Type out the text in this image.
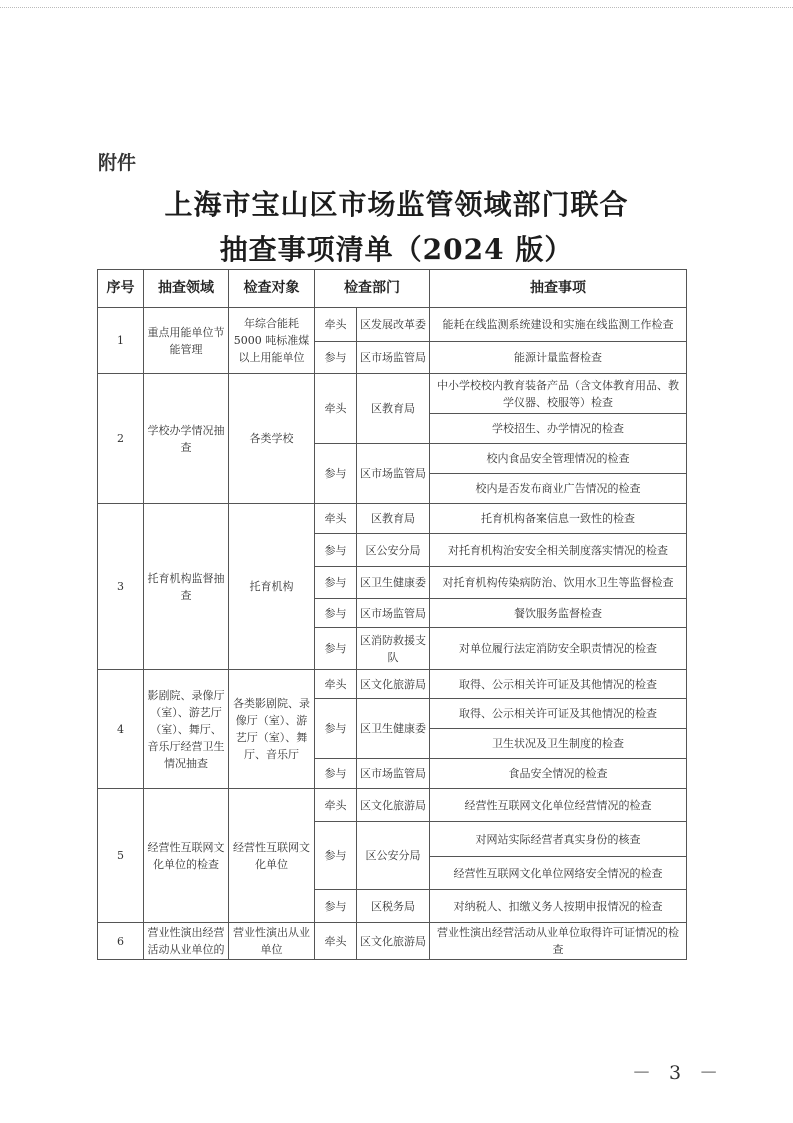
附件
上海市宝山区市场监管领域部门联合
抽查事项清单（2024 版）
序号	抽查领域	检查对象	检查部门		抽查事项
1	重点用能单位节能管理	年综合能耗 5000 吨标准煤以上用能单位	牵头	区发展改革委	能耗在线监测系统建设和实施在线监测工作检查
			参与	区市场监管局	能源计量监督检查
2	学校办学情况抽查	各类学校	牵头	区教育局	中小学校校内教育装备产品（含文体教育用品、教学仪器、校服等）检查
					学校招生、办学情况的检查
			参与	区市场监管局	校内食品安全管理情况的检查
					校内是否发布商业广告情况的检查
3	托育机构监督抽查	托育机构	牵头	区教育局	托育机构备案信息一致性的检查
			参与	区公安分局	对托育机构治安安全相关制度落实情况的检查
			参与	区卫生健康委	对托育机构传染病防治、饮用水卫生等监督检查
			参与	区市场监管局	餐饮服务监督检查
			参与	区消防救援支队	对单位履行法定消防安全职责情况的检查
4	影剧院、录像厅（室）、游艺厅（室）、舞厅、音乐厅经营卫生情况抽查	各类影剧院、录像厅（室）、游艺厅（室）、舞厅、音乐厅	牵头	区文化旅游局	取得、公示相关许可证及其他情况的检查
			参与	区卫生健康委	取得、公示相关许可证及其他情况的检查
					卫生状况及卫生制度的检查
			参与	区市场监管局	食品安全情况的检查
5	经营性互联网文化单位的检查	经营性互联网文化单位	牵头	区文化旅游局	经营性互联网文化单位经营情况的检查
			参与	区公安分局	对网站实际经营者真实身份的核查
					经营性互联网文化单位网络安全情况的检查
			参与	区税务局	对纳税人、扣缴义务人按期申报情况的检查
6	营业性演出经营活动从业单位的	营业性演出从业单位	牵头	区文化旅游局	营业性演出经营活动从业单位取得许可证情况的检查
－ 3 －
